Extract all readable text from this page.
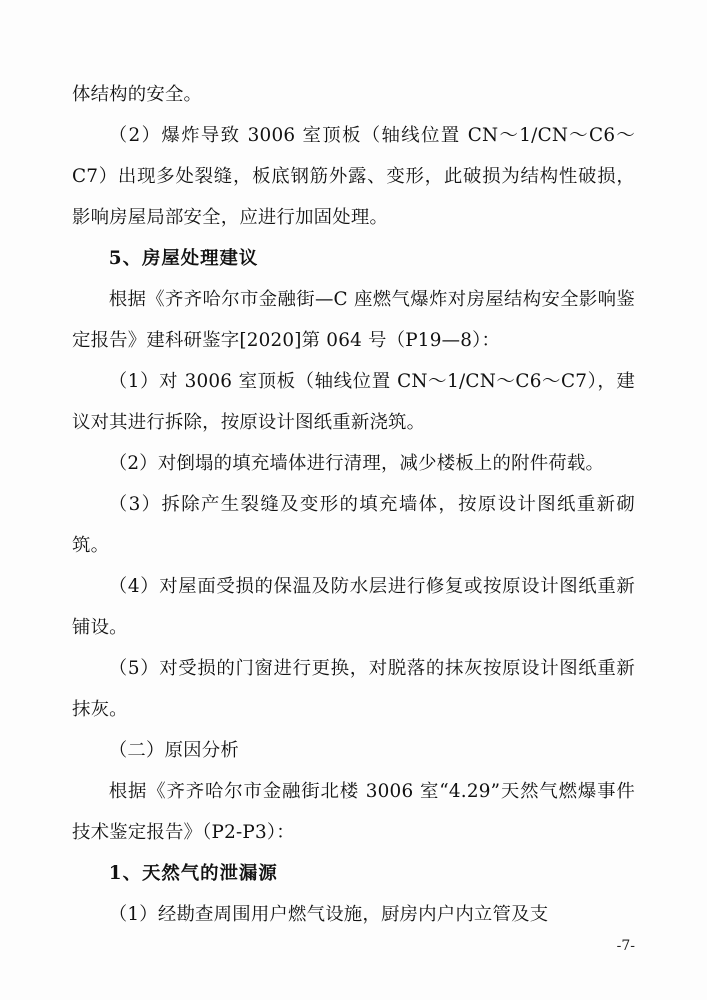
体结构的安全。

（2）爆炸导致 3006 室顶板（轴线位置 CN～1/CN～C6～C7）出现多处裂缝，板底钢筋外露、变形，此破损为结构性破损，影响房屋局部安全，应进行加固处理。

5、房屋处理建议

根据《齐齐哈尔市金融街—C 座燃气爆炸对房屋结构安全影响鉴定报告》建科研鉴字[2020]第 064 号（P19—8）：

（1）对 3006 室顶板（轴线位置 CN～1/CN～C6～C7），建议对其进行拆除，按原设计图纸重新浇筑。

（2）对倒塌的填充墙体进行清理，减少楼板上的附件荷载。

（3）拆除产生裂缝及变形的填充墙体，按原设计图纸重新砌筑。

（4）对屋面受损的保温及防水层进行修复或按原设计图纸重新铺设。

（5）对受损的门窗进行更换，对脱落的抹灰按原设计图纸重新抹灰。

（二）原因分析

根据《齐齐哈尔市金融街北楼 3006 室“4.29”天然气燃爆事件技术鉴定报告》（P2-P3）：

1、天然气的泄漏源

（1）经勘查周围用户燃气设施，厨房内户内立管及支

-7-
